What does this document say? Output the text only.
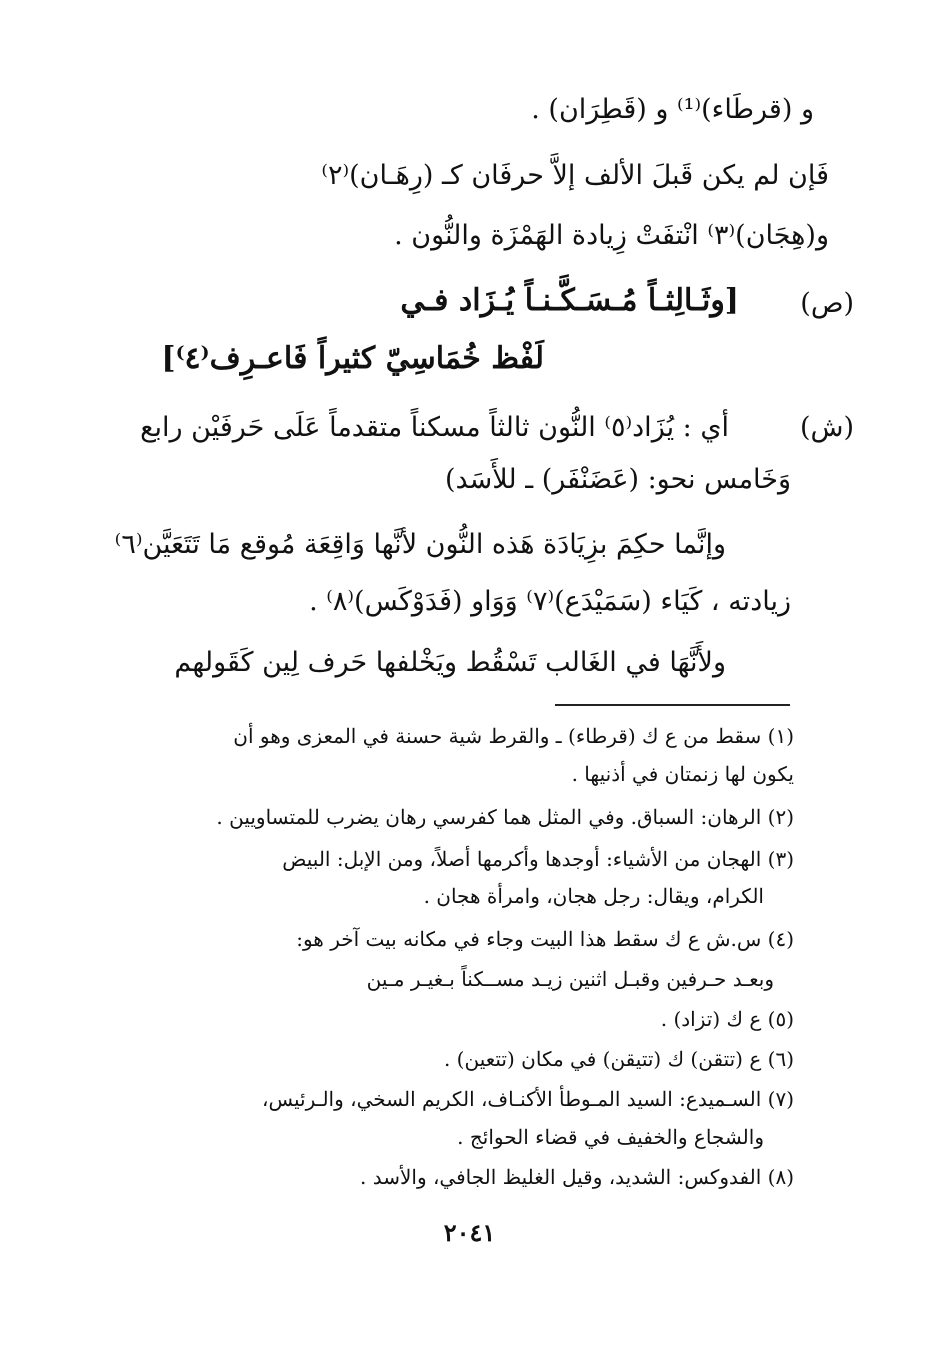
و (قرطَاء)⁽¹⁾ و (قَطِرَان) .
فَإن لم يكن قَبلَ الألف إلاَّ حرفَان كـ (رِهَـان)⁽٢⁾
و(هِجَان)⁽٣⁾ انْتفَتْ زِيادة الهَمْزَة والنُّون .
(ص)
[وثَـالِثـاً مُـسَـكَّـنـاً يُـزَاد فـي
لَفْظ خُمَاسِيّ كثيراً فَاعـرِف⁽٤⁾]
(ش)
أي : يُزَاد⁽٥⁾ النُّون ثالثاً مسكناً متقدماً عَلَى حَرفَيْن رابع
وَخَامس نحو: (عَضَنْفَر) ـ للأَسَد)
وإنَّما حكِمَ بزِيَادَة هَذه النُّون لأنَّها وَاقِعَة مُوقع مَا تَتَعَيَّن⁽٦⁾
زيادته ، كَيَاء (سَمَيْدَع)⁽٧⁾ وَوَاو (فَدَوْكَس)⁽٨⁾ .
ولأَنَّهَا في الغَالب تَسْقُط ويَخْلفها حَرف لِين كَقَولهم
(١) سقط من ع ك (قرطاء) ـ والقرط شية حسنة في المعزى وهو أن
يكون لها زنمتان في أذنيها .
(٢) الرهان: السباق. وفي المثل هما كفرسي رهان يضرب للمتساويين .
(٣) الهجان من الأشياء: أوجدها وأكرمها أصلاً، ومن الإبل: البيض
الكرام، ويقال: رجل هجان، وامرأة هجان .
(٤) س.ش ع ك سقط هذا البيت وجاء في مكانه بيت آخر هو:
وبعـد حـرفين وقبـل اثنين زيـد مســكناً بـغيـر مـين
(٥) ع ك (تزاد) .
(٦) ع (تتقن) ك (تتيقن) في مكان (تتعين) .
(٧) السـميدع: السيد المـوطأ الأكنـاف، الكريم السخي، والـرئيس،
والشجاع والخفيف في قضاء الحوائج .
(٨) الفدوكس: الشديد، وقيل الغليظ الجافي، والأسد .
٢٠٤١
